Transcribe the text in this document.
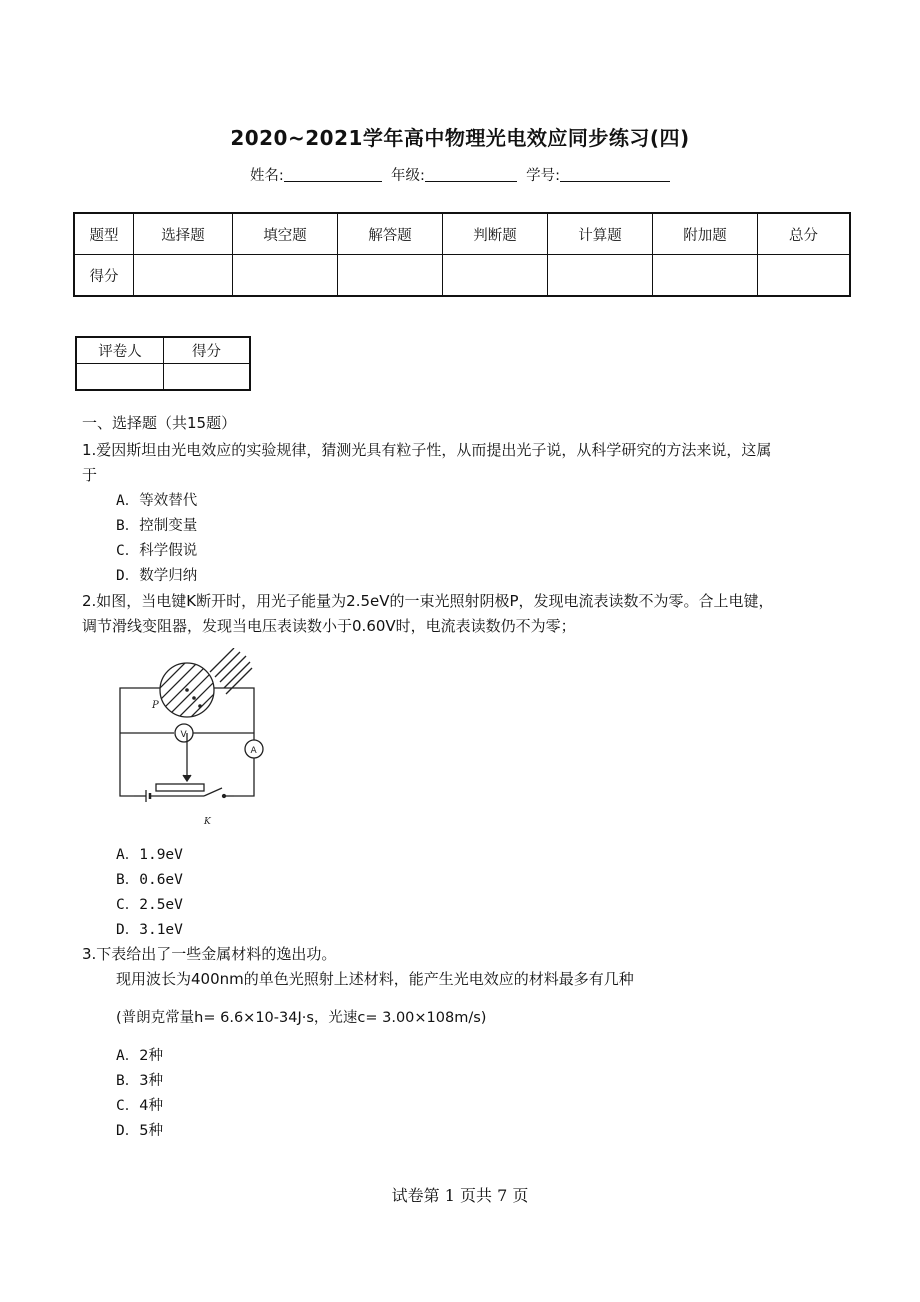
2020~2021学年高中物理光电效应同步练习(四)
姓名:	年级:	学号:
题型	选择题	填空题	解答题	判断题	计算题	附加题	总分
得分							
评卷人	得分

一、选择题（共15题）
1.爱因斯坦由光电效应的实验规律，猜测光具有粒子性，从而提出光子说，从科学研究的方法来说，这属
于
A．等效替代
B．控制变量
C．科学假说
D．数学归纳
2.如图，当电键K断开时，用光子能量为2.5eV的一束光照射阴极P，发现电流表读数不为零。合上电键，
调节滑线变阻器，发现当电压表读数小于0.60V时，电流表读数仍不为零；
P
V
A
K
A．1.9eV
B．0.6eV
C．2.5eV
D．3.1eV
3.下表给出了一些金属材料的逸出功。
现用波长为400nm的单色光照射上述材料，能产生光电效应的材料最多有几种
(普朗克常量h= 6.6×10-34J·s，光速c= 3.00×108m/s)
A．2种
B．3种
C．4种
D．5种
试卷第 1 页共 7 页
